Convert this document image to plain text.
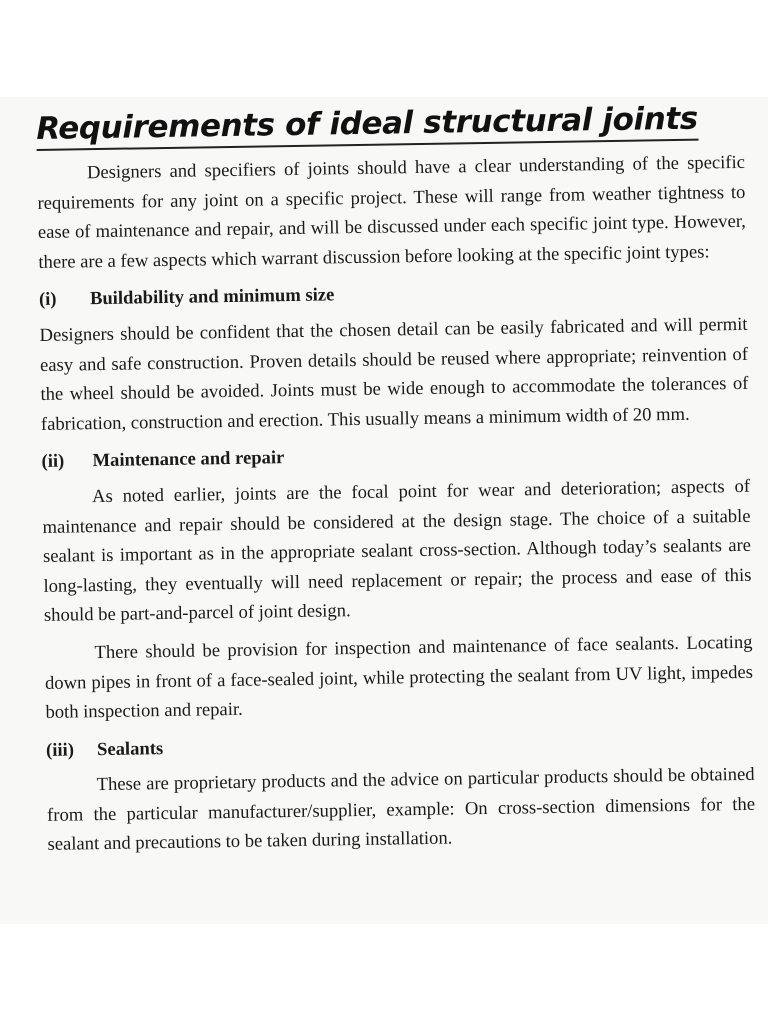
Requirements of ideal structural joints

Designers and specifiers of joints should have a clear understanding of the specific requirements for any joint on a specific project. These will range from weather tightness to ease of maintenance and repair, and will be discussed under each specific joint type. However, there are a few aspects which warrant discussion before looking at the specific joint types:

(i)	Buildability and minimum size

Designers should be confident that the chosen detail can be easily fabricated and will permit easy and safe construction. Proven details should be reused where appropriate; reinvention of the wheel should be avoided. Joints must be wide enough to accommodate the tolerances of fabrication, construction and erection. This usually means a minimum width of 20 mm.

(ii)	Maintenance and repair

As noted earlier, joints are the focal point for wear and deterioration; aspects of maintenance and repair should be considered at the design stage. The choice of a suitable sealant is important as in the appropriate sealant cross-section. Although today’s sealants are long-lasting, they eventually will need replacement or repair; the process and ease of this should be part-and-parcel of joint design.

There should be provision for inspection and maintenance of face sealants. Locating down pipes in front of a face-sealed joint, while protecting the sealant from UV light, impedes both inspection and repair.

(iii)	Sealants

These are proprietary products and the advice on particular products should be obtained from the particular manufacturer/supplier, example: On cross-section dimensions for the sealant and precautions to be taken during installation.
